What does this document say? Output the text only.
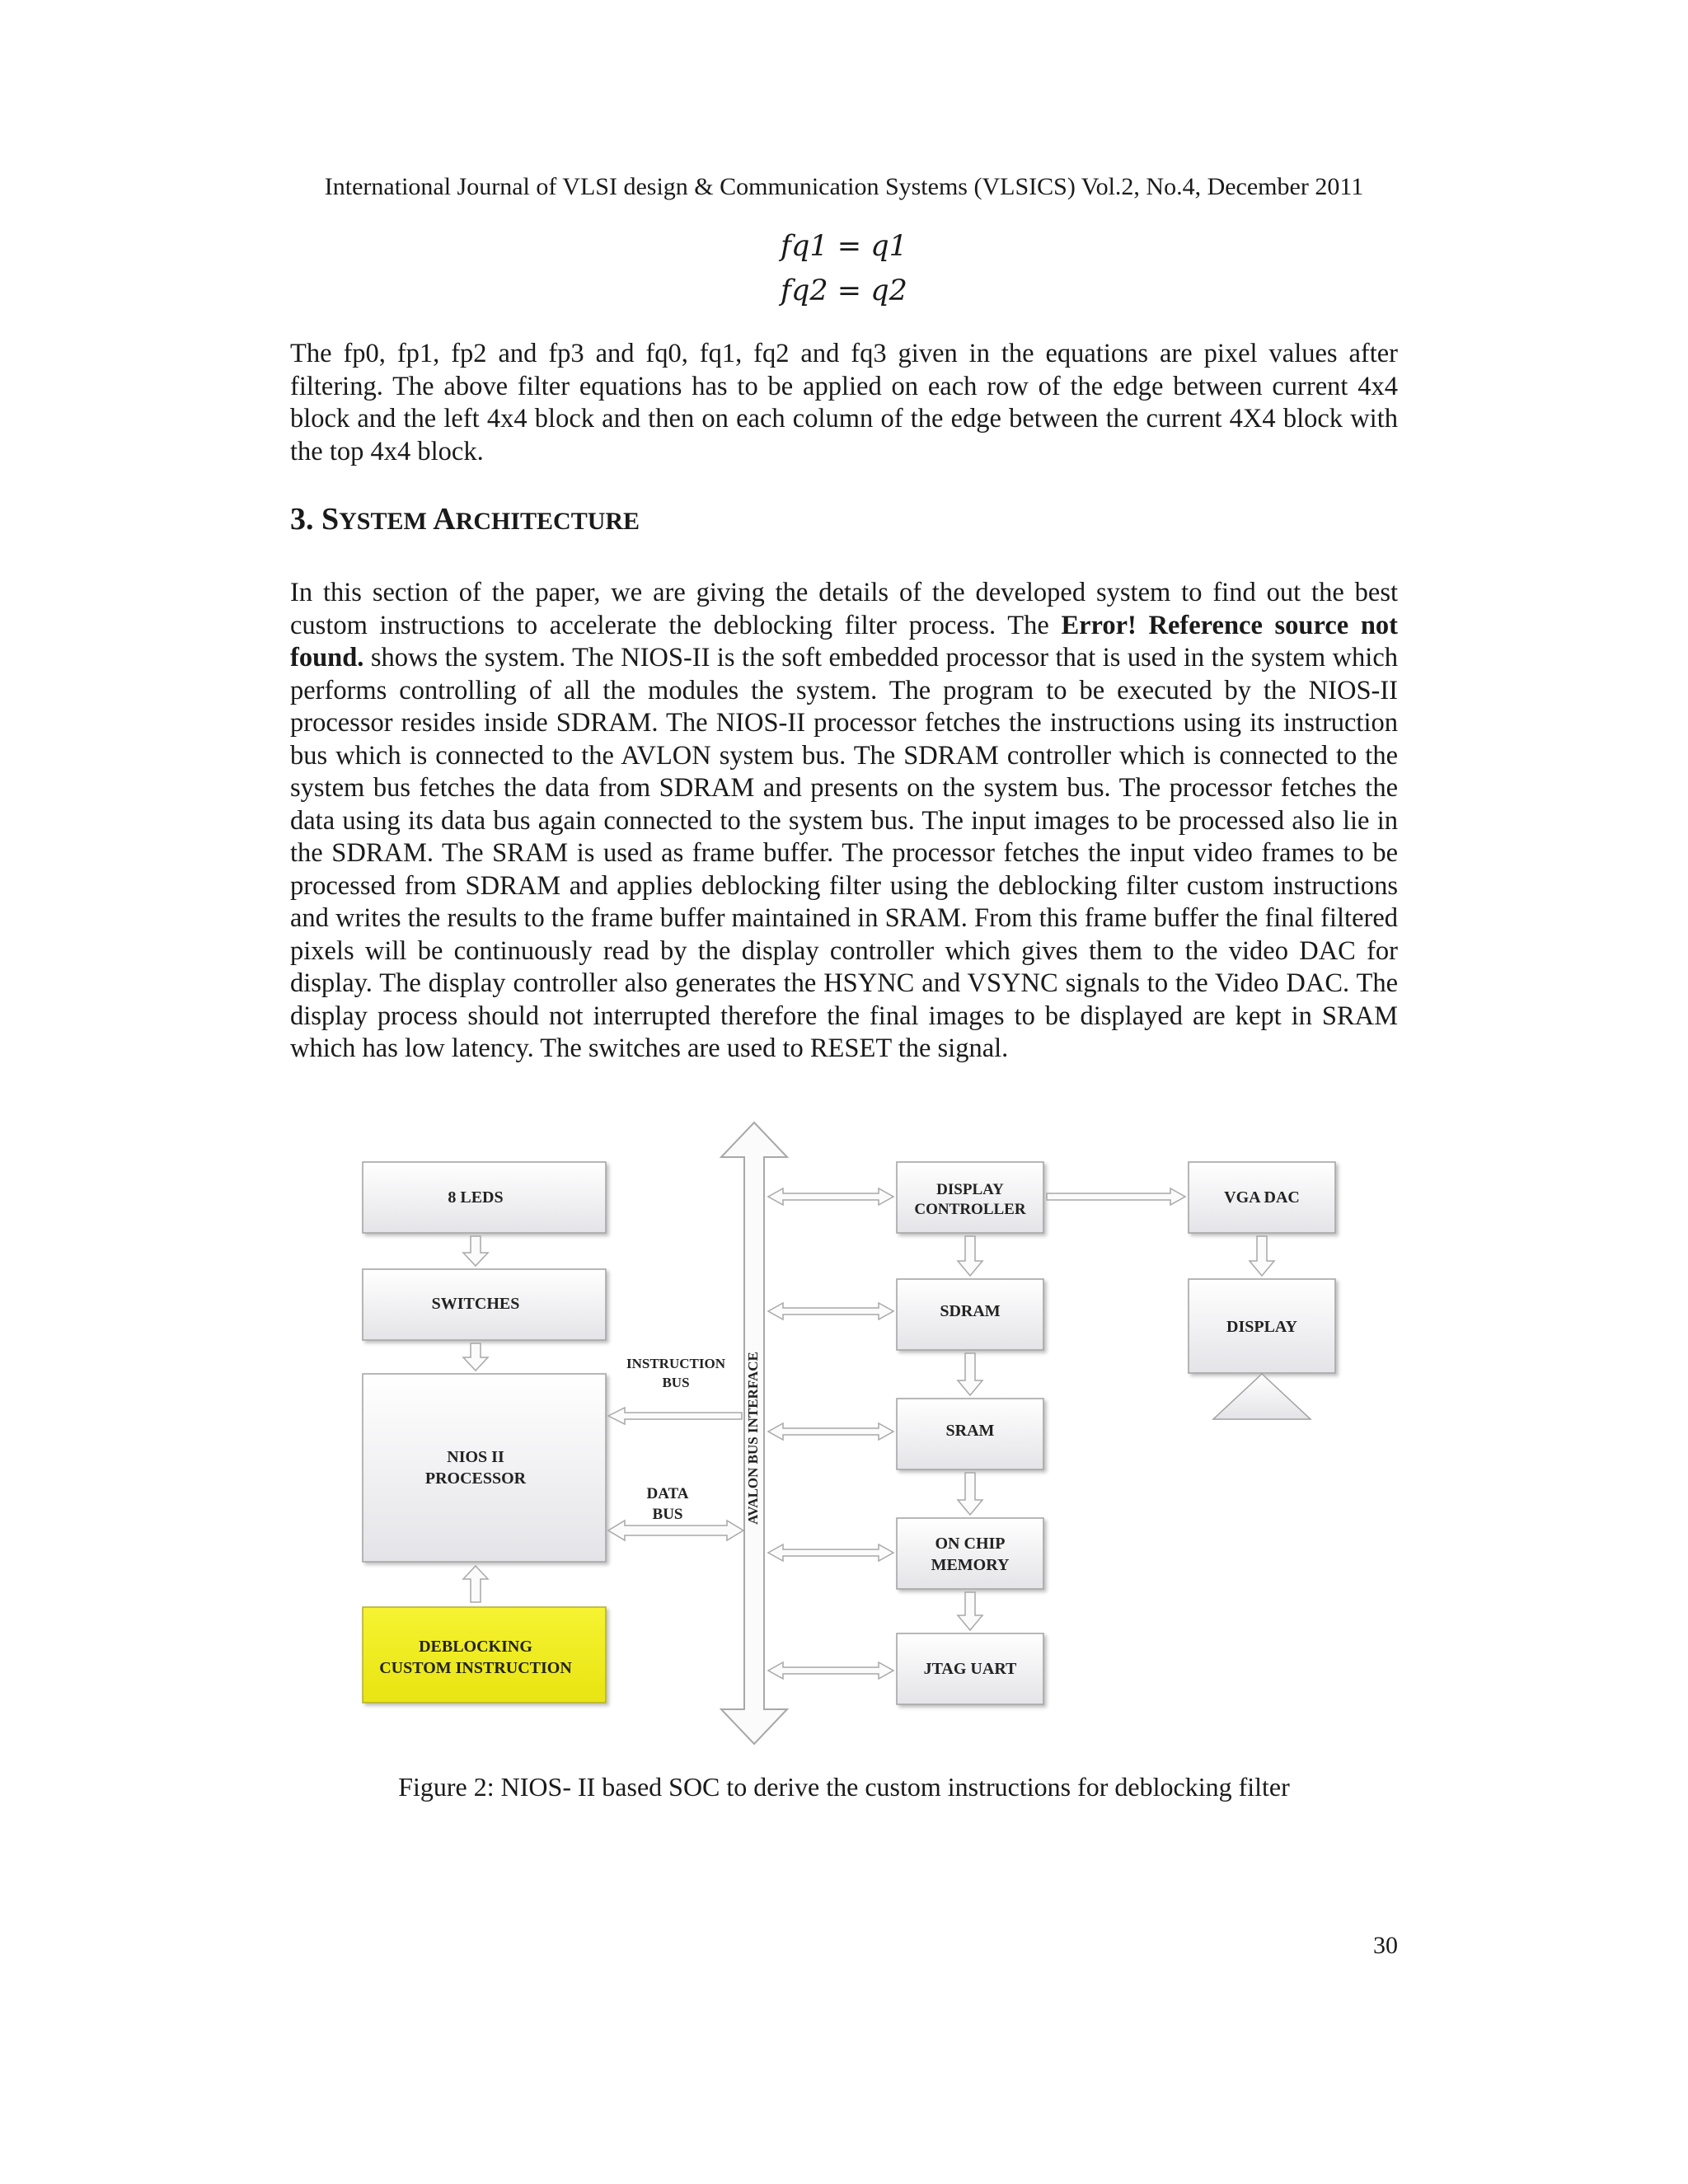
International Journal of VLSI design & Communication Systems (VLSICS) Vol.2, No.4, December 2011
fq1 = q1
fq2 = q2

The fp0, fp1, fp2 and fp3 and fq0, fq1, fq2 and fq3 given in the equations are pixel values after filtering. The above filter equations has to be applied on each row of the edge between current 4x4 block and the left 4x4 block and then on each column of the edge between the current 4X4 block with the top 4x4 block.

3. SYSTEM ARCHITECTURE

In this section of the paper, we are giving the details of the developed system to find out the best custom instructions to accelerate the deblocking filter process. The Error! Reference source not found. shows the system. The NIOS-II is the soft embedded processor that is used in the system which performs controlling of all the modules the system. The program to be executed by the NIOS-II processor resides inside SDRAM. The NIOS-II processor fetches the instructions using its instruction bus which is connected to the AVLON system bus. The SDRAM controller which is connected to the system bus fetches the data from SDRAM and presents on the system bus. The processor fetches the data using its data bus again connected to the system bus. The input images to be processed also lie in the SDRAM. The SRAM is used as frame buffer. The processor fetches the input video frames to be processed from SDRAM and applies deblocking filter using the deblocking filter custom instructions and writes the results to the frame buffer maintained in SRAM. From this frame buffer the final filtered pixels will be continuously read by the display controller which gives them to the video DAC for display. The display controller also generates the HSYNC and VSYNC signals to the Video DAC. The display process should not interrupted therefore the final images to be displayed are kept in SRAM which has low latency. The switches are used to RESET the signal.

AVALON BUS INTERFACE
8 LEDS
SWITCHES
NIOS II
PROCESSOR
DEBLOCKING
CUSTOM INSTRUCTION
INSTRUCTION
BUS
DATA
BUS
DISPLAY
CONTROLLER
SDRAM
SRAM
ON CHIP
MEMORY
JTAG UART
VGA DAC
DISPLAY
Figure 2: NIOS- II based SOC to derive the custom instructions for deblocking filter
30
